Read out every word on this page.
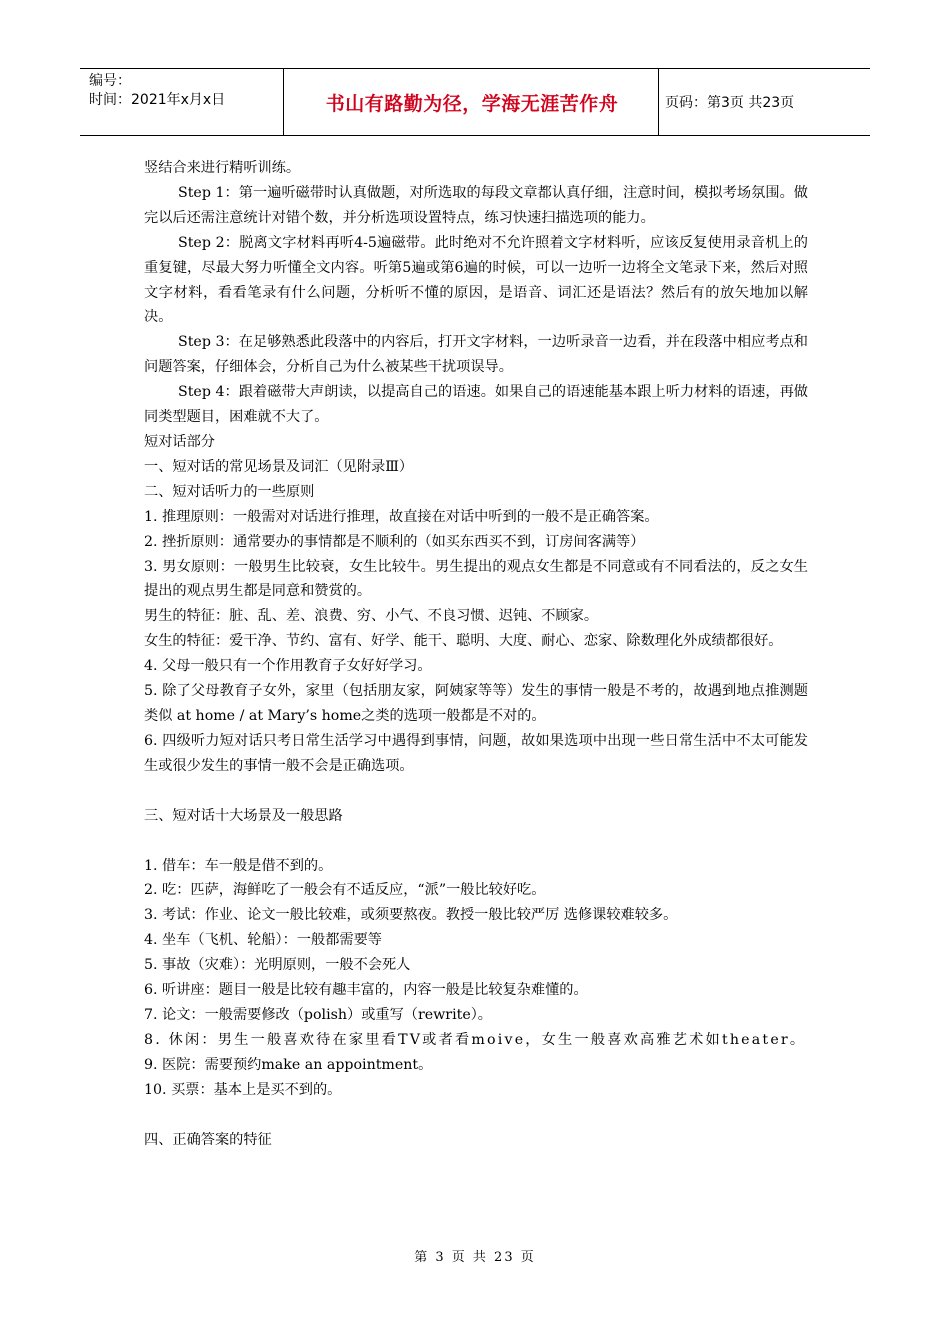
编号：
时间：2021年x月x日	书山有路勤为径，学海无涯苦作舟	页码：第3页 共23页

竖结合来进行精听训练。

Step 1：第一遍听磁带时认真做题，对所选取的每段文章都认真仔细，注意时间，模拟考场氛围。做完以后还需注意统计对错个数，并分析选项设置特点，练习快速扫描选项的能力。

Step 2：脱离文字材料再听4-5遍磁带。此时绝对不允许照着文字材料听，应该反复使用录音机上的重复键，尽最大努力听懂全文内容。听第5遍或第6遍的时候，可以一边听一边将全文笔录下来，然后对照文字材料，看看笔录有什么问题，分析听不懂的原因，是语音、词汇还是语法？然后有的放矢地加以解决。

Step 3：在足够熟悉此段落中的内容后，打开文字材料，一边听录音一边看，并在段落中相应考点和问题答案，仔细体会，分析自己为什么被某些干扰项误导。

Step 4：跟着磁带大声朗读，以提高自己的语速。如果自己的语速能基本跟上听力材料的语速，再做同类型题目，困难就不大了。

短对话部分

一、短对话的常见场景及词汇（见附录Ⅲ）

二、短对话听力的一些原则

1. 推理原则：一般需对对话进行推理，故直接在对话中听到的一般不是正确答案。

2. 挫折原则：通常要办的事情都是不顺利的（如买东西买不到，订房间客满等）

3. 男女原则：一般男生比较衰，女生比较牛。男生提出的观点女生都是不同意或有不同看法的，反之女生提出的观点男生都是同意和赞赏的。

男生的特征：脏、乱、差、浪费、穷、小气、不良习惯、迟钝、不顾家。

女生的特征：爱干净、节约、富有、好学、能干、聪明、大度、耐心、恋家、除数理化外成绩都很好。

4. 父母一般只有一个作用教育子女好好学习。

5. 除了父母教育子女外，家里（包括朋友家，阿姨家等等）发生的事情一般是不考的，故遇到地点推测题类似 at home / at Mary’s home之类的选项一般都是不对的。

6. 四级听力短对话只考日常生活学习中遇得到事情，问题，故如果选项中出现一些日常生活中不太可能发生或很少发生的事情一般不会是正确选项。

三、短对话十大场景及一般思路

1. 借车：车一般是借不到的。

2. 吃：匹萨，海鲜吃了一般会有不适反应，“派”一般比较好吃。

3. 考试：作业、论文一般比较难，或须要熬夜。教授一般比较严厉 选修课较难较多。

4. 坐车（飞机、轮船）：一般都需要等

5. 事故（灾难）：光明原则，一般不会死人

6. 听讲座：题目一般是比较有趣丰富的，内容一般是比较复杂难懂的。

7. 论文：一般需要修改（polish）或重写（rewrite）。

8. 休闲：男生一般喜欢待在家里看TV或者看moive，女生一般喜欢高雅艺术如theater。

9. 医院：需要预约make an appointment。

10. 买票：基本上是买不到的。

四、正确答案的特征

第 3 页 共 23 页
